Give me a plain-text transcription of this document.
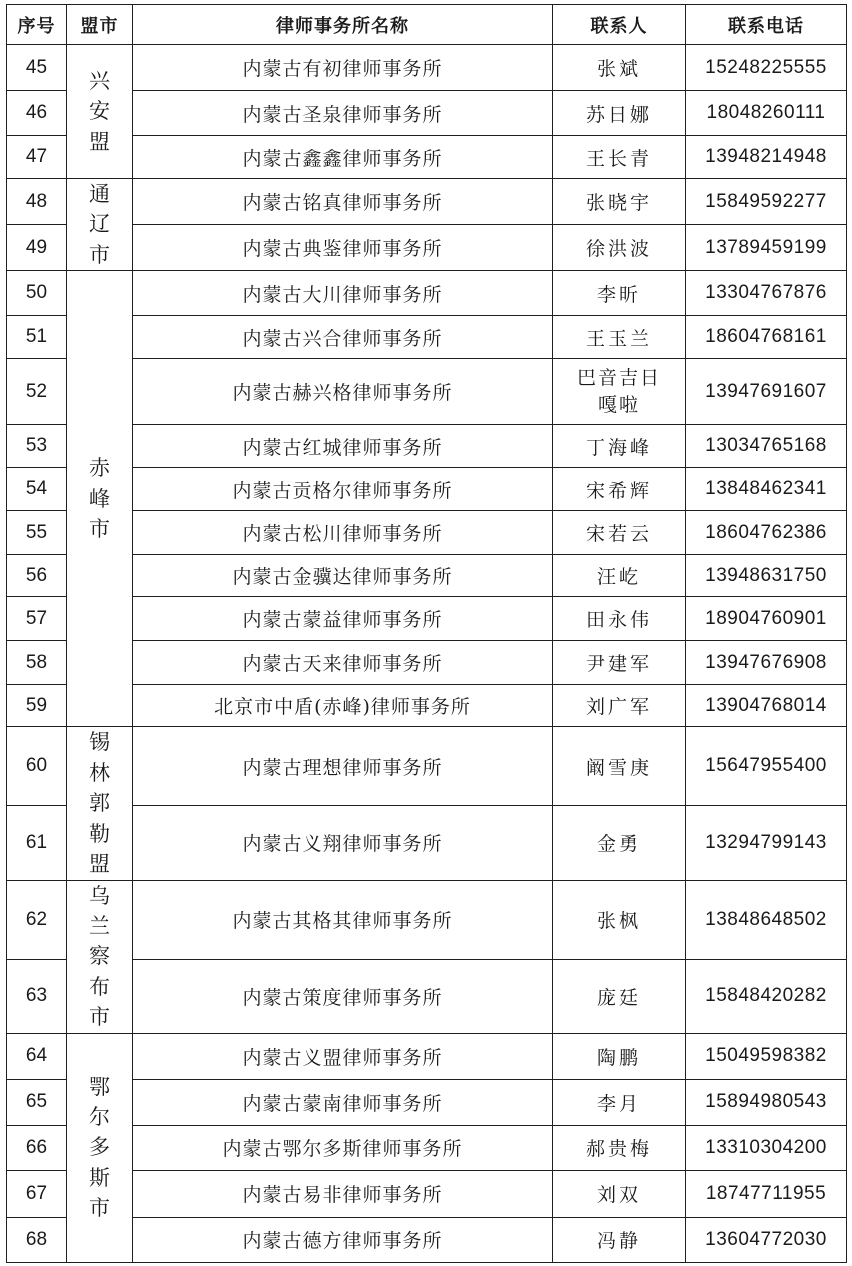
序号	盟市	律师事务所名称	联系人	联系电话
45	兴安盟	内蒙古有初律师事务所	张斌	15248225555
46		内蒙古圣泉律师事务所	苏日娜	18048260111
47		内蒙古鑫鑫律师事务所	王长青	13948214948
48	通辽市	内蒙古铭真律师事务所	张晓宇	15849592277
49		内蒙古典鉴律师事务所	徐洪波	13789459199
50	赤峰市	内蒙古大川律师事务所	李昕	13304767876
51		内蒙古兴合律师事务所	王玉兰	18604768161
52		内蒙古赫兴格律师事务所	巴音吉日嘎啦	13947691607
53		内蒙古红城律师事务所	丁海峰	13034765168
54		内蒙古贡格尔律师事务所	宋希辉	13848462341
55		内蒙古松川律师事务所	宋若云	18604762386
56		内蒙古金骥达律师事务所	汪屹	13948631750
57		内蒙古蒙益律师事务所	田永伟	18904760901
58		内蒙古天来律师事务所	尹建军	13947676908
59		北京市中盾(赤峰)律师事务所	刘广军	13904768014
60	锡林郭勒盟	内蒙古理想律师事务所	阚雪庚	15647955400
61		内蒙古义翔律师事务所	金勇	13294799143
62	乌兰察布市	内蒙古其格其律师事务所	张枫	13848648502
63		内蒙古策度律师事务所	庞廷	15848420282
64	鄂尔多斯市	内蒙古义盟律师事务所	陶鹏	15049598382
65		内蒙古蒙南律师事务所	李月	15894980543
66		内蒙古鄂尔多斯律师事务所	郝贵梅	13310304200
67		内蒙古易非律师事务所	刘双	18747711955
68		内蒙古德方律师事务所	冯静	13604772030
